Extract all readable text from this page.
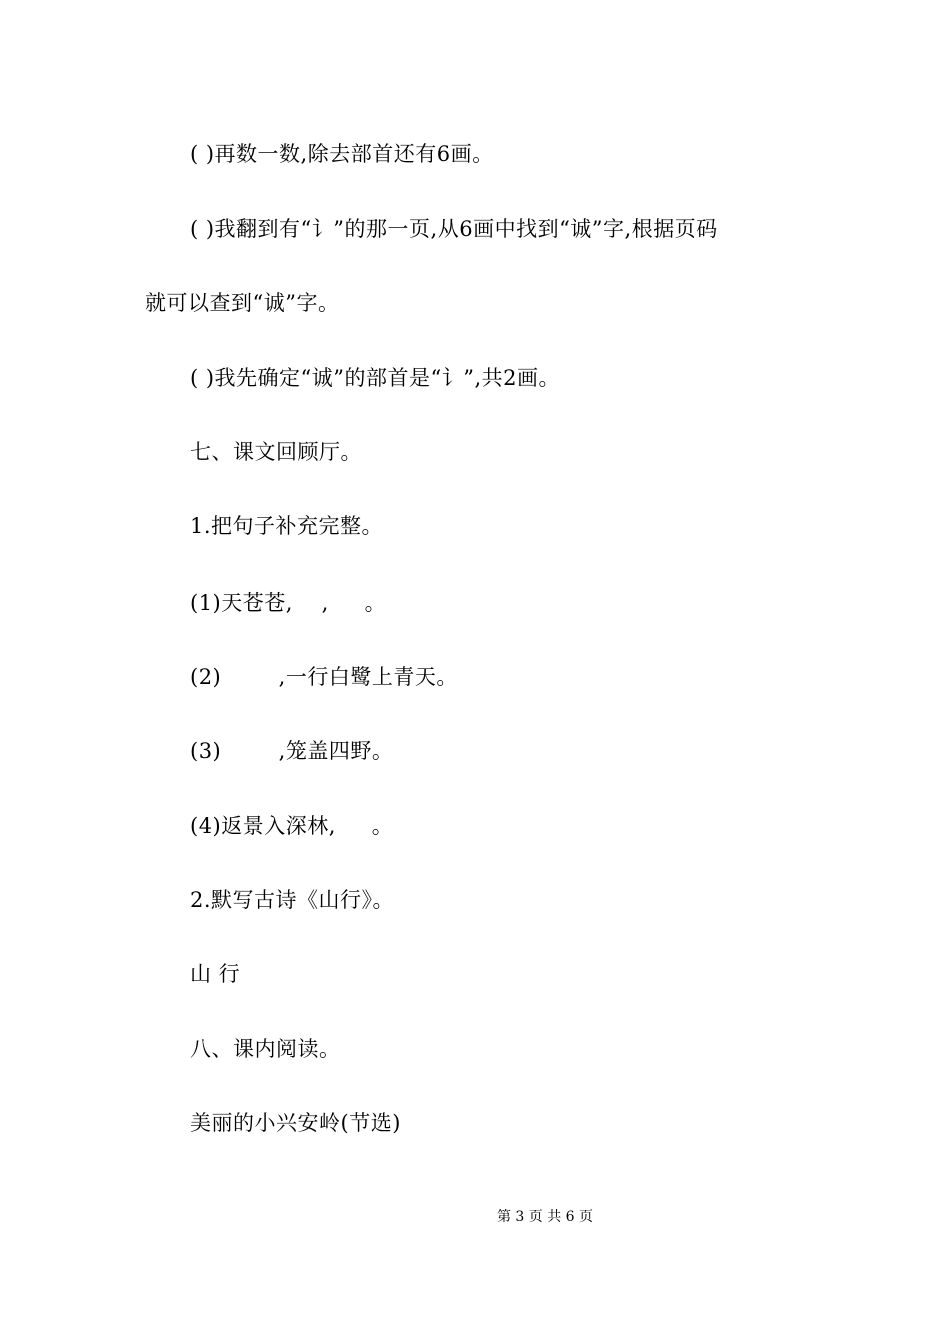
( )再数一数,除去部首还有6画。
( )我翻到有“讠”的那一页,从6画中找到“诚”字,根据页码
就可以查到“诚”字。
( )我先确定“诚”的部首是“讠”,共2画。
七、课文回顾厅。
1.把句子补充完整。
(1)天苍苍,    ,     。
(2)        ,一行白鹭上青天。
(3)        ,笼盖四野。
(4)返景入深林,     。
2.默写古诗《山行》。
山 行
八、课内阅读。
美丽的小兴安岭(节选)
第 3 页 共 6 页
